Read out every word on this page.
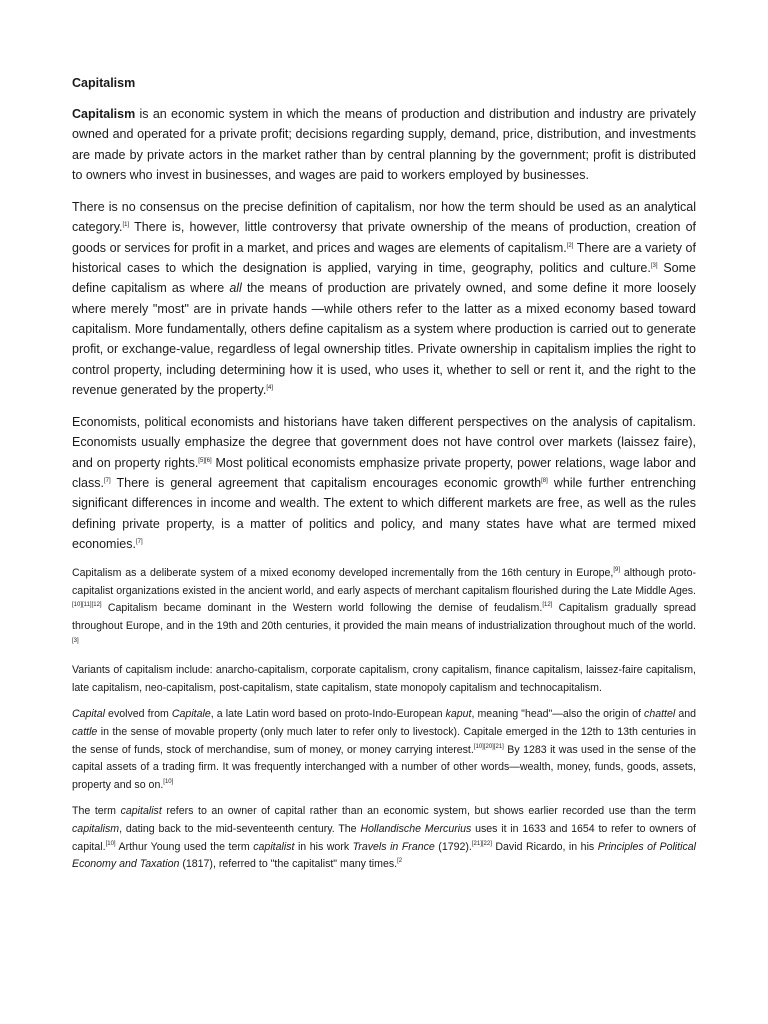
Capitalism

Capitalism is an economic system in which the means of production and distribution and industry are privately owned and operated for a private profit; decisions regarding supply, demand, price, distribution, and investments are made by private actors in the market rather than by central planning by the government; profit is distributed to owners who invest in businesses, and wages are paid to workers employed by businesses.

There is no consensus on the precise definition of capitalism, nor how the term should be used as an analytical category.[1] There is, however, little controversy that private ownership of the means of production, creation of goods or services for profit in a market, and prices and wages are elements of capitalism.[2] There are a variety of historical cases to which the designation is applied, varying in time, geography, politics and culture.[3] Some define capitalism as where all the means of production are privately owned, and some define it more loosely where merely "most" are in private hands —while others refer to the latter as a mixed economy based toward capitalism. More fundamentally, others define capitalism as a system where production is carried out to generate profit, or exchange-value, regardless of legal ownership titles. Private ownership in capitalism implies the right to control property, including determining how it is used, who uses it, whether to sell or rent it, and the right to the revenue generated by the property.[4]

Economists, political economists and historians have taken different perspectives on the analysis of capitalism. Economists usually emphasize the degree that government does not have control over markets (laissez faire), and on property rights.[5][6] Most political economists emphasize private property, power relations, wage labor and class.[7] There is general agreement that capitalism encourages economic growth[8] while further entrenching significant differences in income and wealth. The extent to which different markets are free, as well as the rules defining private property, is a matter of politics and policy, and many states have what are termed mixed economies.[7]

Capitalism as a deliberate system of a mixed economy developed incrementally from the 16th century in Europe,[9] although proto-capitalist organizations existed in the ancient world, and early aspects of merchant capitalism flourished during the Late Middle Ages.[10][11][12] Capitalism became dominant in the Western world following the demise of feudalism.[12] Capitalism gradually spread throughout Europe, and in the 19th and 20th centuries, it provided the main means of industrialization throughout much of the world.[3]

Variants of capitalism include: anarcho-capitalism, corporate capitalism, crony capitalism, finance capitalism, laissez-faire capitalism, late capitalism, neo-capitalism, post-capitalism, state capitalism, state monopoly capitalism and technocapitalism.

Capital evolved from Capitale, a late Latin word based on proto-Indo-European kaput, meaning "head"—also the origin of chattel and cattle in the sense of movable property (only much later to refer only to livestock). Capitale emerged in the 12th to 13th centuries in the sense of funds, stock of merchandise, sum of money, or money carrying interest.[10][20][21] By 1283 it was used in the sense of the capital assets of a trading firm. It was frequently interchanged with a number of other words—wealth, money, funds, goods, assets, property and so on.[10]

The term capitalist refers to an owner of capital rather than an economic system, but shows earlier recorded use than the term capitalism, dating back to the mid-seventeenth century. The Hollandische Mercurius uses it in 1633 and 1654 to refer to owners of capital.[10] Arthur Young used the term capitalist in his work Travels in France (1792).[21][22] David Ricardo, in his Principles of Political Economy and Taxation (1817), referred to "the capitalist" many times.$^{[2}$
